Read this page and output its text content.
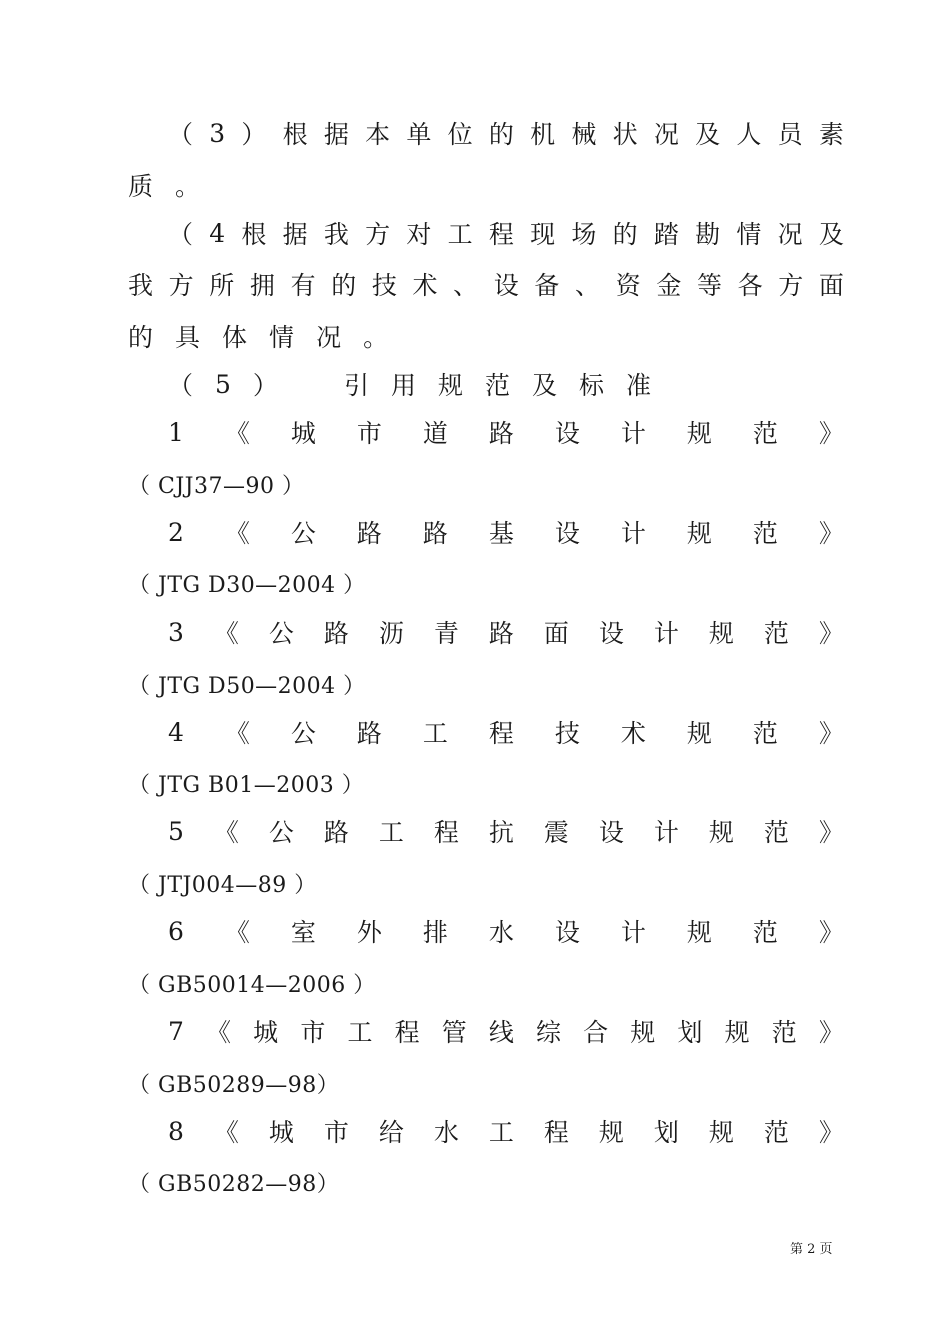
（ 3 ） 根 据 本 单 位 的 机 械 状 况 及 人 员 素
质 。
（ 4 根 据 我 方 对 工 程 现 场 的 踏 勘 情 况 及
我 方 所 拥 有 的 技 术 、 设 备 、 资 金 等 各 方 面
的 具 体 情 况 。
（ 5 ）	引 用 规 范 及 标 准
1 《 城 市 道 路 设 计 规 范 》
（ CJJ37—90 ）
2 《 公 路 路 基 设 计 规 范 》
（ JTG D30—2004 ）
3 《 公 路 沥 青 路 面 设 计 规 范 》
（ JTG D50—2004 ）
4 《 公 路 工 程 技 术 规 范 》
（ JTG B01—2003 ）
5 《 公 路 工 程 抗 震 设 计 规 范 》
（ JTJ004—89 ）
6 《 室 外 排 水 设 计 规 范 》
（ GB50014—2006 ）
7 《 城 市 工 程 管 线 综 合 规 划 规 范 》
（ GB50289—98）
8 《 城 市 给 水 工 程 规 划 规 范 》
（ GB50282—98）
第 2 页
